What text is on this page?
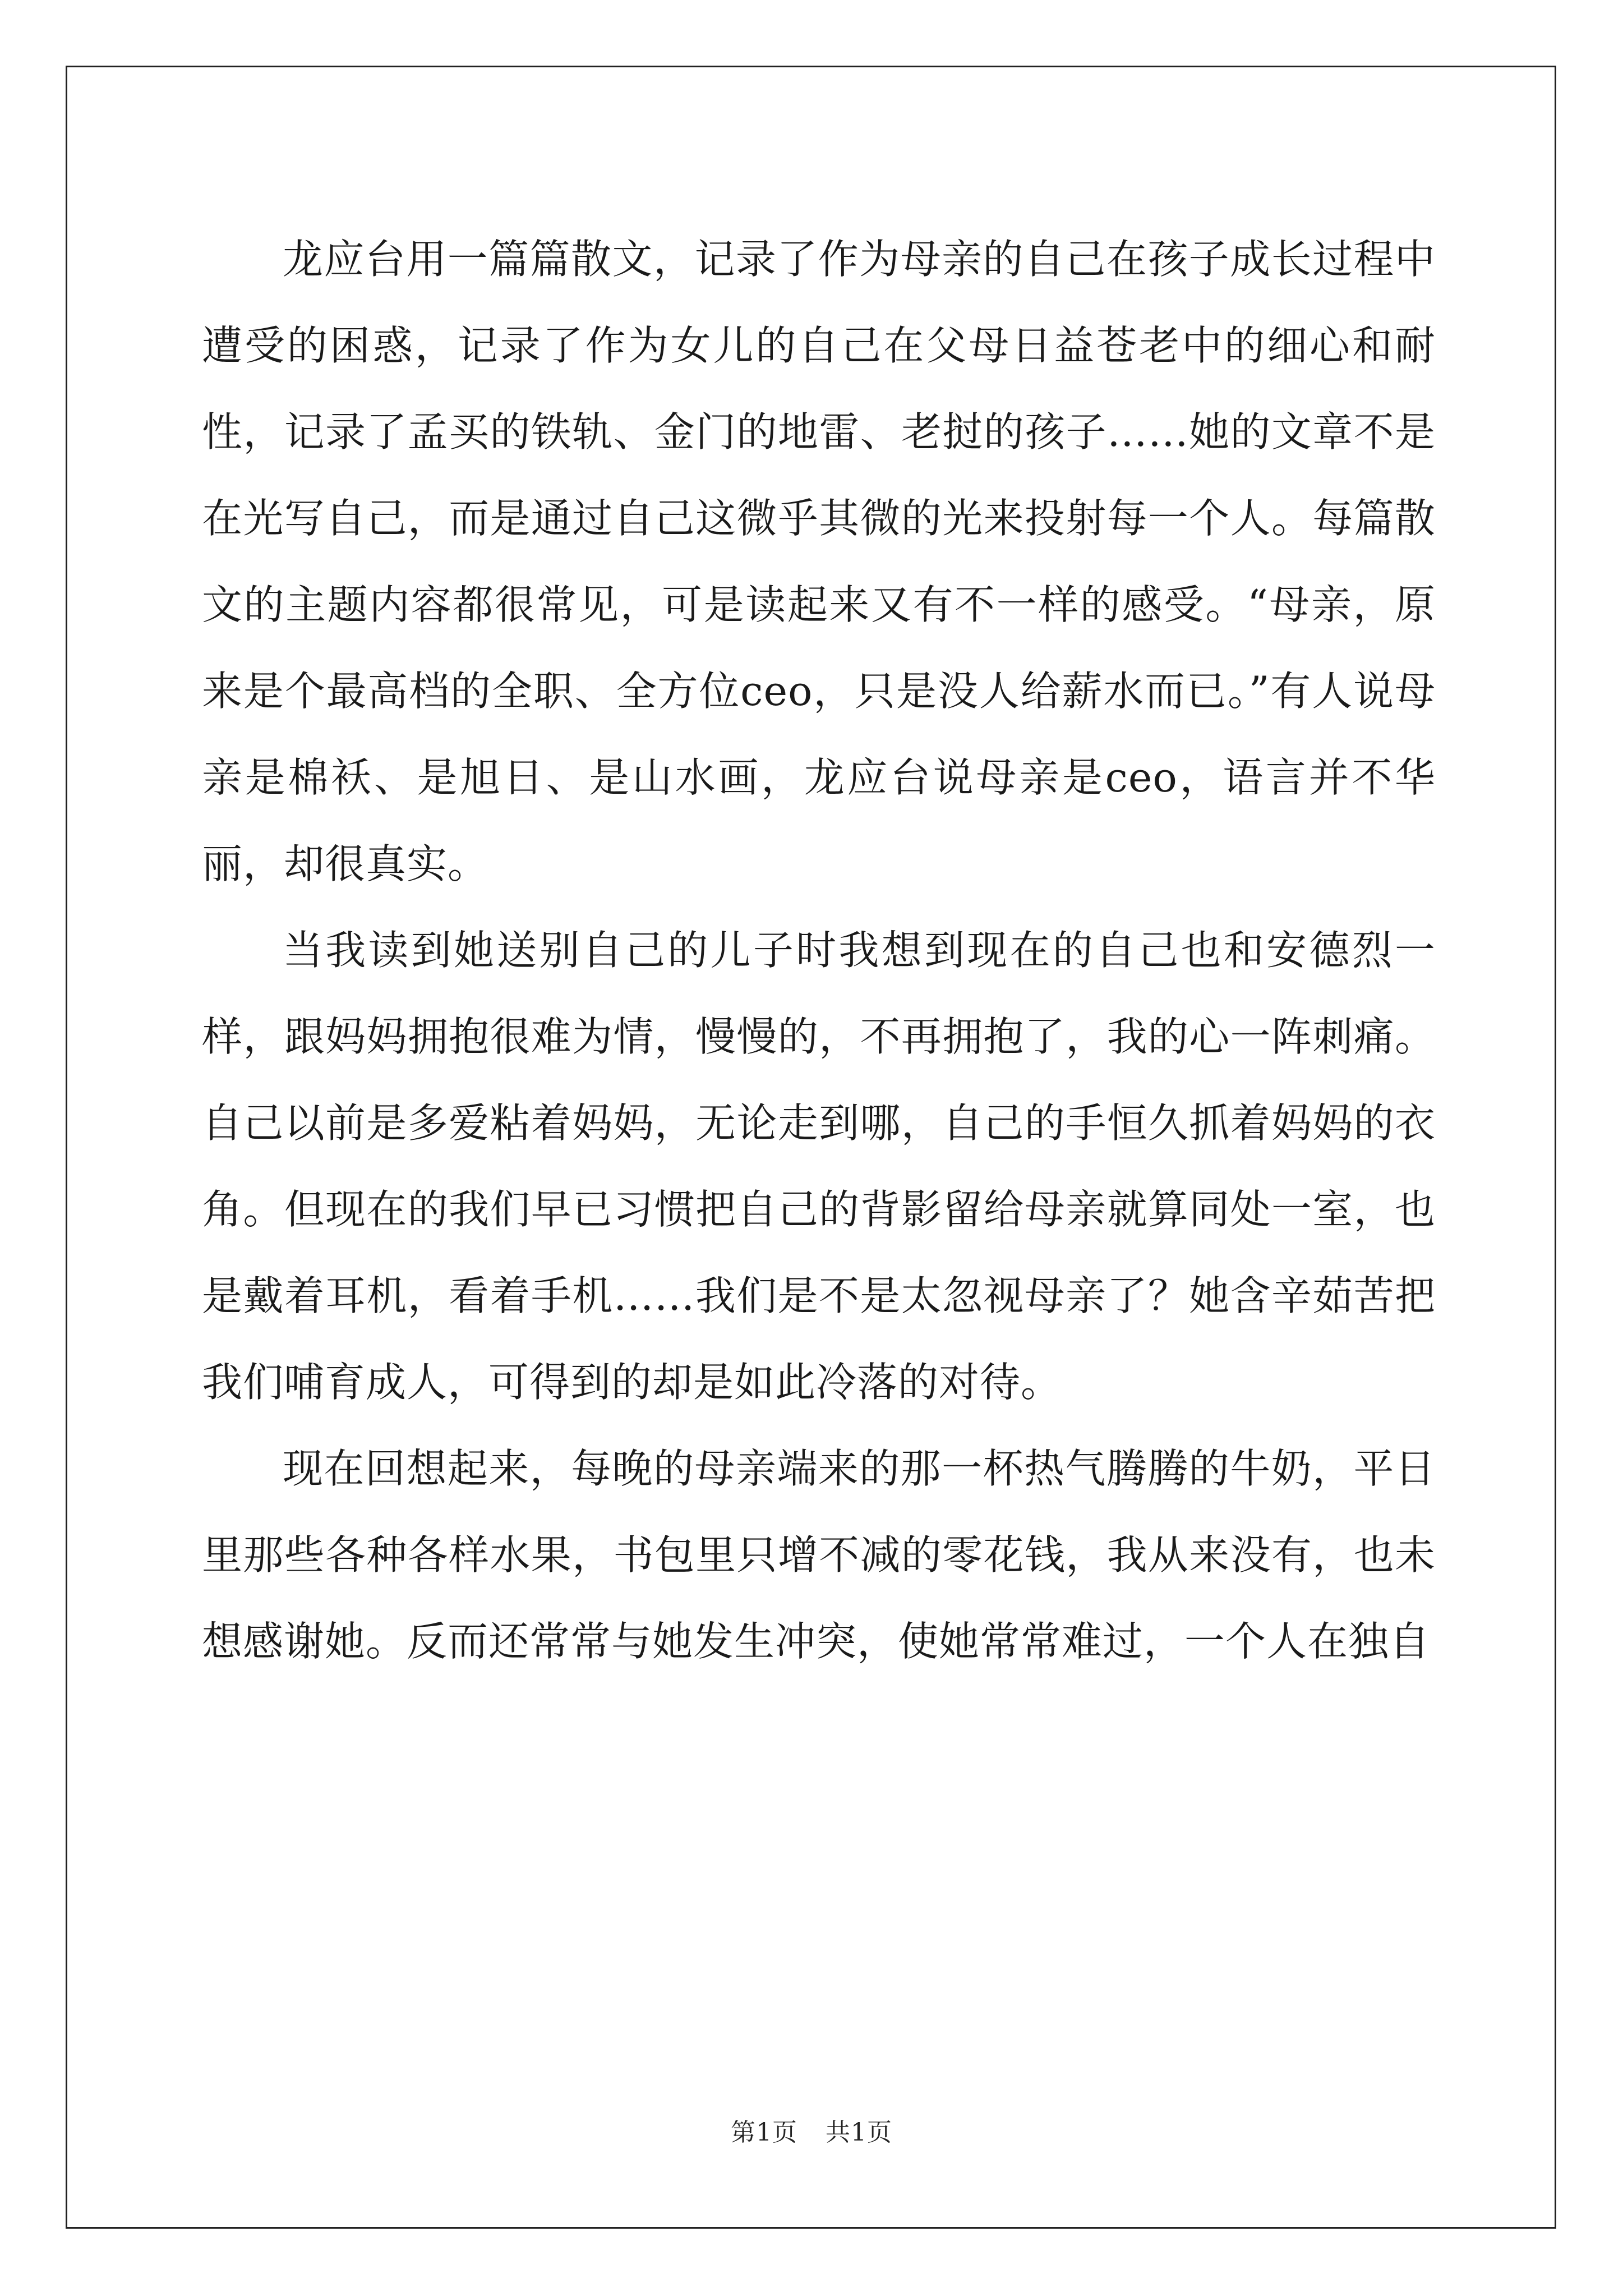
龙应台用一篇篇散文，记录了作为母亲的自己在孩子成长过程中遭受的困惑，记录了作为女儿的自己在父母日益苍老中的细心和耐性，记录了孟买的铁轨、金门的地雷、老挝的孩子……她的文章不是在光写自己，而是通过自己这微乎其微的光来投射每一个人。每篇散文的主题内容都很常见，可是读起来又有不一样的感受。“母亲，原来是个最高档的全职、全方位ceo，只是没人给薪水而已。”有人说母亲是棉袄、是旭日、是山水画，龙应台说母亲是ceo，语言并不华丽，却很真实。

当我读到她送别自己的儿子时我想到现在的自己也和安德烈一样，跟妈妈拥抱很难为情，慢慢的，不再拥抱了，我的心一阵刺痛。自己以前是多爱粘着妈妈，无论走到哪，自己的手恒久抓着妈妈的衣角。但现在的我们早已习惯把自己的背影留给母亲就算同处一室，也是戴着耳机，看着手机……我们是不是太忽视母亲了？她含辛茹苦把我们哺育成人，可得到的却是如此冷落的对待。

现在回想起来，每晚的母亲端来的那一杯热气腾腾的牛奶，平日里那些各种各样水果，书包里只增不减的零花钱，我从来没有，也未想感谢她。反而还常常与她发生冲突，使她常常难过，一个人在独自

第1页 共1页
